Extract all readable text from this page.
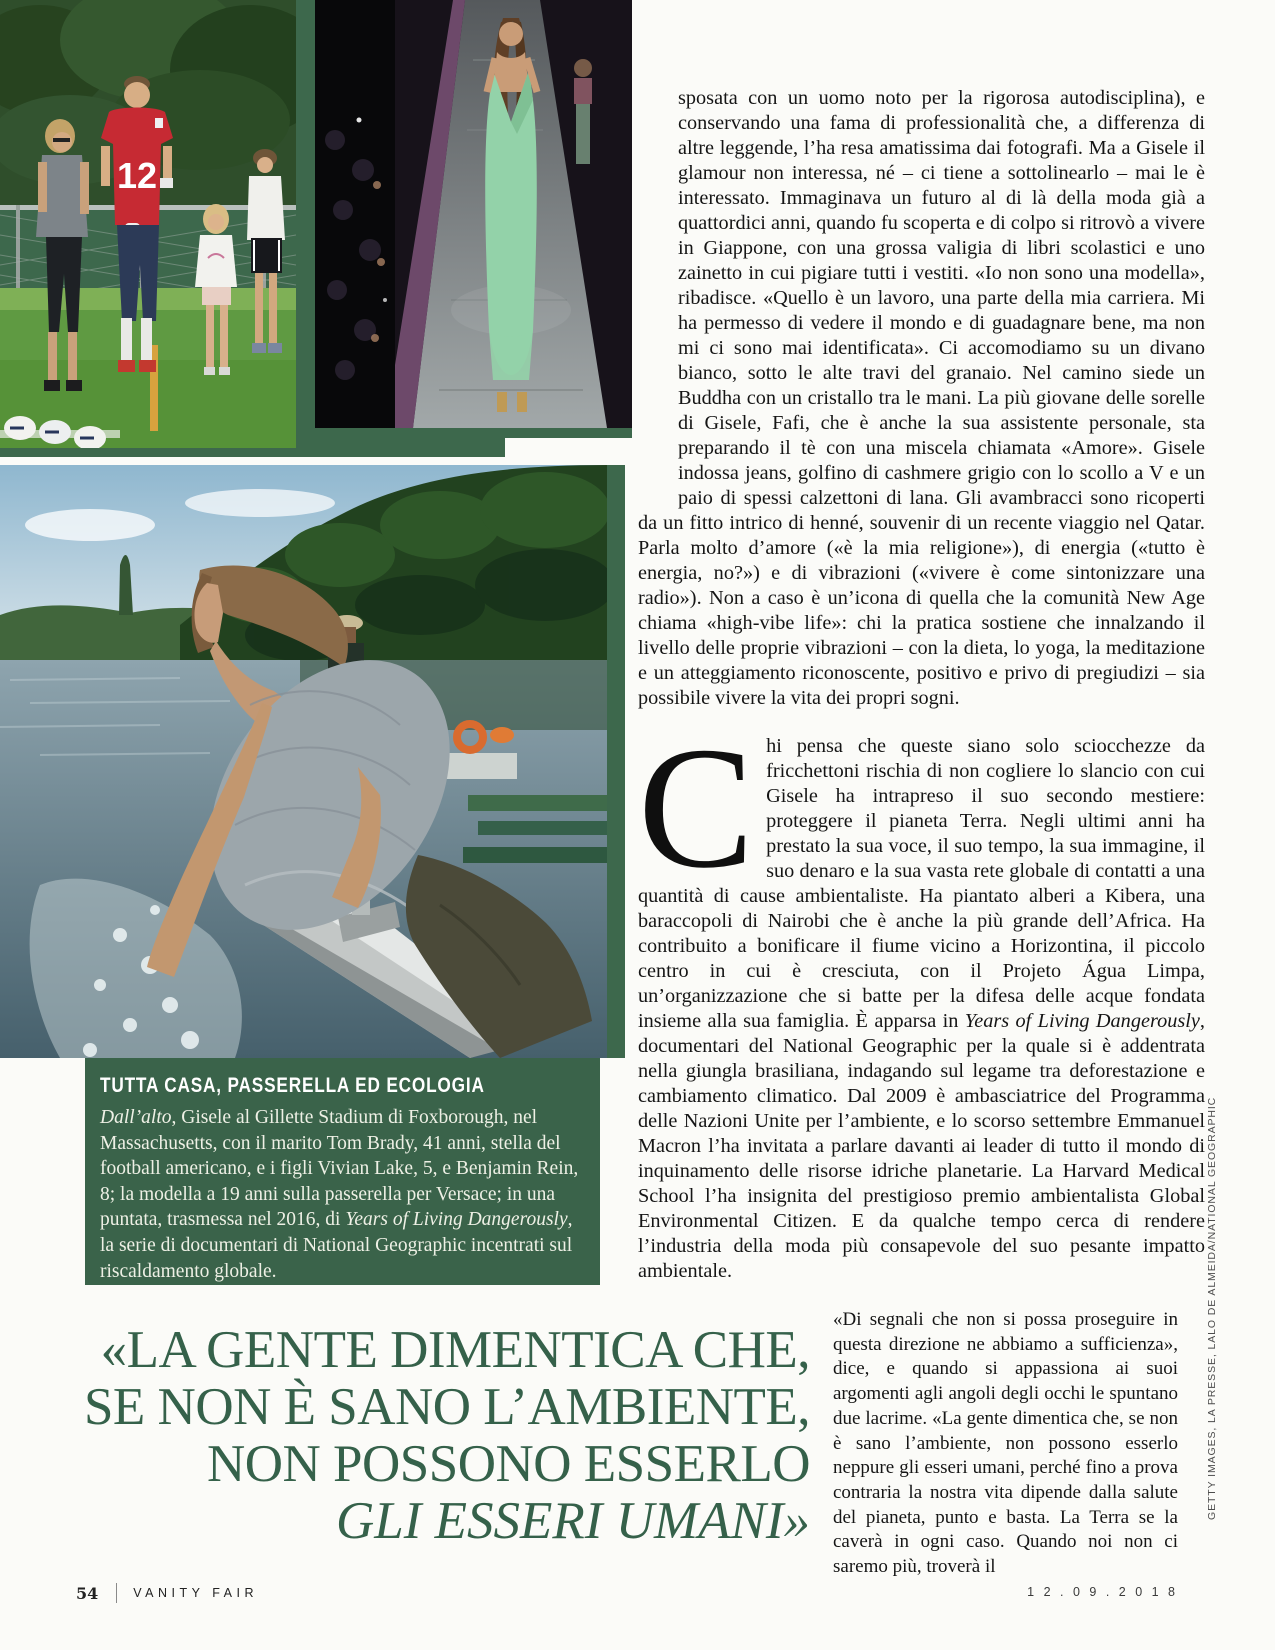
12

sposata con un uomo noto per la rigorosa autodisciplina), e conservando una fama di professionalità che, a differenza di altre leggende, l’ha resa amatissima dai fotografi. Ma a Gisele il glamour non interessa, né – ci tiene a sottolinearlo – mai le è interessato. Immaginava un futuro al di là della moda già a quattordici anni, quando fu scoperta e di colpo si ritrovò a vivere in Giappone, con una grossa valigia di libri scolastici e uno zainetto in cui pigiare tutti i vestiti. «Io non sono una modella», ribadisce. «Quello è un lavoro, una parte della mia carriera. Mi ha permesso di vedere il mondo e di guadagnare bene, ma non mi ci sono mai identificata». Ci accomodiamo su un divano bianco, sotto le alte travi del granaio. Nel camino siede un Buddha con un cristallo tra le mani. La più giovane delle sorelle di Gisele, Fafi, che è anche la sua assistente personale, sta preparando il tè con una miscela chiamata «Amore». Gisele indossa jeans, golfino di cashmere grigio con lo scollo a V e un paio di spessi calzettoni di lana. Gli avambracci sono ricoperti da un fitto intrico di henné, souvenir di un recente viaggio nel Qatar. Parla molto d’amore («è la mia religione»), di energia («tutto è energia, no?») e di vibrazioni («vivere è come sintonizzare una radio»). Non a caso è un’icona di quella che la comunità New Age chiama «high-vibe life»: chi la pratica sostiene che innalzando il livello delle proprie vibrazioni – con la dieta, lo yoga, la meditazione e un atteggiamento riconoscente, positivo e privo di pregiudizi – sia possibile vivere la vita dei propri sogni.

Chi pensa che queste siano solo sciocchezze da fricchettoni rischia di non cogliere lo slancio con cui Gisele ha intrapreso il suo secondo mestiere: proteggere il pianeta Terra. Negli ultimi anni ha prestato la sua voce, il suo tempo, la sua immagine, il suo denaro e la sua vasta rete globale di contatti a una quantità di cause ambientaliste. Ha piantato alberi a Kibera, una baraccopoli di Nairobi che è anche la più grande dell’Africa. Ha contribuito a bonificare il fiume vicino a Horizontina, il piccolo centro in cui è cresciuta, con il Projeto Água Limpa, un’organizzazione che si batte per la difesa delle acque fondata insieme alla sua famiglia. È apparsa in Years of Living Dangerously, documentari del National Geographic per la quale si è addentrata nella giungla brasiliana, indagando sul legame tra deforestazione e cambiamento climatico. Dal 2009 è ambasciatrice del Programma delle Nazioni Unite per l’ambiente, e lo scorso settembre Emmanuel Macron l’ha invitata a parlare davanti ai leader di tutto il mondo di inquinamento delle risorse idriche planetarie. La Harvard Medical School l’ha insignita del prestigioso premio ambientalista Global Environmental Citizen. E da qualche tempo cerca di rendere l’industria della moda più consapevole del suo pesante impatto ambientale.

«Di segnali che non si possa proseguire in questa direzione ne abbiamo a sufficienza», dice, e quando si appassiona ai suoi argomenti agli angoli degli occhi le spuntano due lacrime. «La gente dimentica che, se non è sano l’ambiente, non possono esserlo neppure gli esseri umani, perché fino a prova contraria la nostra vita dipende dalla salute del pianeta, punto e basta. La Terra se la caverà in ogni caso. Quando noi non ci saremo più, troverà il

TUTTA CASA, PASSERELLA ED ECOLOGIA

Dall’alto, Gisele al Gillette Stadium di Foxborough, nel Massachusetts, con il marito Tom Brady, 41 anni, stella del football americano, e i figli Vivian Lake, 5, e Benjamin Rein, 8; la modella a 19 anni sulla passerella per Versace; in una puntata, trasmessa nel 2016, di Years of Living Dangerously, la serie di documentari di National Geographic incentrati sul riscaldamento globale.

«LA GENTE DIMENTICA CHE,
SE NON È SANO L’AMBIENTE,
NON POSSONO ESSERLO
GLI ESSERI UMANI»
54	VANITY FAIR	1 2 . 0 9 . 2 0 1 8
GETTY IMAGES, LA PRESSE, LALO DE ALMEIDA/NATIONAL GEOGRAPHIC
